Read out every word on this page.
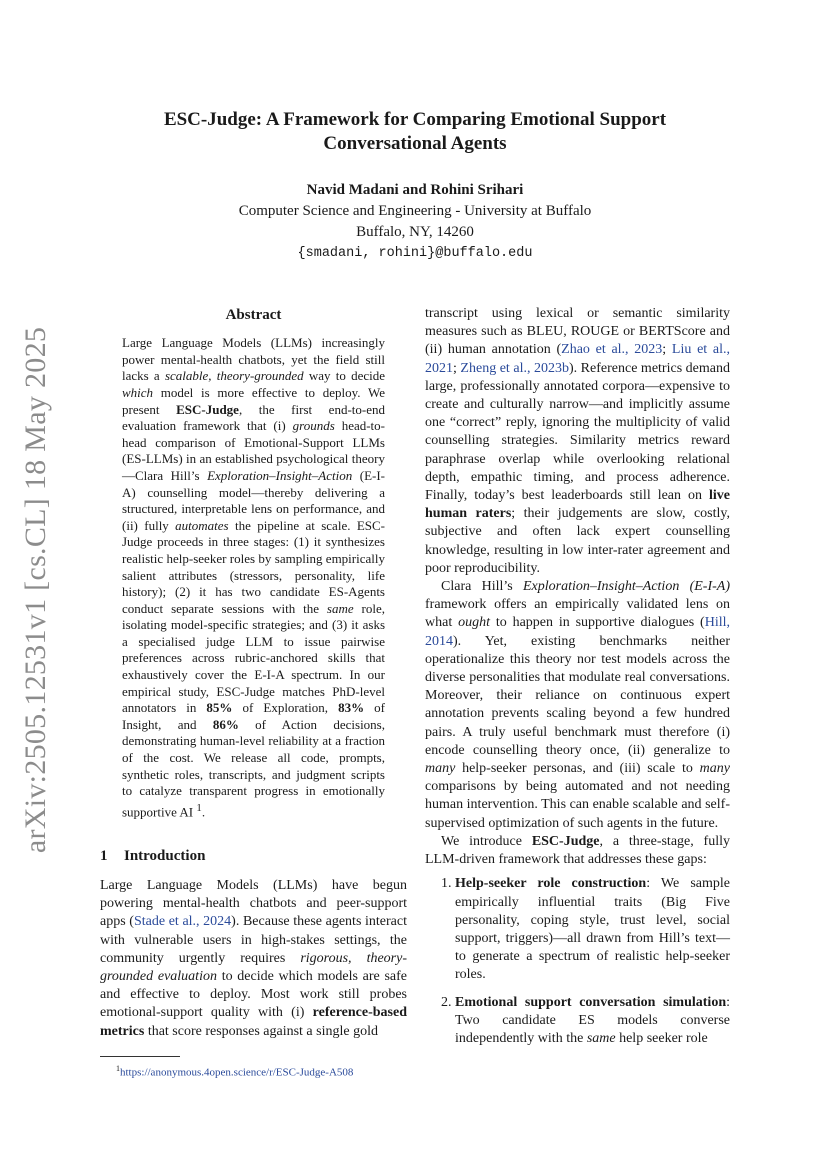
arXiv:2505.12531v1 [cs.CL] 18 May 2025
ESC-Judge: A Framework for Comparing Emotional Support
Conversational Agents
Navid Madani and Rohini Srihari
Computer Science and Engineering - University at Buffalo
Buffalo, NY, 14260
{smadani, rohini}@buffalo.edu
Abstract

Large Language Models (LLMs) increasingly power mental-health chatbots, yet the field still lacks a scalable, theory-grounded way to decide which model is more effective to deploy. We present ESC-Judge, the first end-to-end evaluation framework that (i) grounds head-to-head comparison of Emotional-Support LLMs (ES-LLMs) in an established psychological theory—Clara Hill’s Exploration–Insight–Action (E-I-A) counselling model—thereby delivering a structured, interpretable lens on performance, and (ii) fully automates the pipeline at scale. ESC-Judge proceeds in three stages: (1) it synthesizes realistic help-seeker roles by sampling empirically salient attributes (stressors, personality, life history); (2) it has two candidate ES-Agents conduct separate sessions with the same role, isolating model-specific strategies; and (3) it asks a specialised judge LLM to issue pairwise preferences across rubric-anchored skills that exhaustively cover the E-I-A spectrum. In our empirical study, ESC-Judge matches PhD-level annotators in 85% of Exploration, 83% of Insight, and 86% of Action decisions, demonstrating human-level reliability at a fraction of the cost. We release all code, prompts, synthetic roles, transcripts, and judgment scripts to catalyze transparent progress in emotionally supportive AI $^1$.

1 Introduction

Large Language Models (LLMs) have begun powering mental-health chatbots and peer-support apps (Stade et al., 2024). Because these agents interact with vulnerable users in high-stakes settings, the community urgently requires rigorous, theory-grounded evaluation to decide which models are safe and effective to deploy. Most work still probes emotional-support quality with (i) reference-based metrics that score responses against a single gold

transcript using lexical or semantic similarity measures such as BLEU, ROUGE or BERTScore and (ii) human annotation (Zhao et al., 2023; Liu et al., 2021; Zheng et al., 2023b). Reference metrics demand large, professionally annotated corpora—expensive to create and culturally narrow—and implicitly assume one “correct” reply, ignoring the multiplicity of valid counselling strategies. Similarity metrics reward paraphrase overlap while overlooking relational depth, empathic timing, and process adherence. Finally, today’s best leaderboards still lean on live human raters; their judgements are slow, costly, subjective and often lack expert counselling knowledge, resulting in low inter-rater agreement and poor reproducibility.

Clara Hill’s Exploration–Insight–Action (E-I-A) framework offers an empirically validated lens on what ought to happen in supportive dialogues (Hill, 2014). Yet, existing benchmarks neither operationalize this theory nor test models across the diverse personalities that modulate real conversations. Moreover, their reliance on continuous expert annotation prevents scaling beyond a few hundred pairs. A truly useful benchmark must therefore (i) encode counselling theory once, (ii) generalize to many help-seeker personas, and (iii) scale to many comparisons by being automated and not needing human intervention. This can enable scalable and self-supervised optimization of such agents in the future.

We introduce ESC-Judge, a three-stage, fully LLM-driven framework that addresses these gaps:

1. Help-seeker role construction: We sample empirically influential traits (Big Five personality, coping style, trust level, social support, triggers)—all drawn from Hill’s text—to generate a spectrum of realistic help-seeker roles.
2. Emotional support conversation simulation: Two candidate ES models converse independently with the same help seeker role
$^1$https://anonymous.4open.science/r/ESC-Judge-A508
